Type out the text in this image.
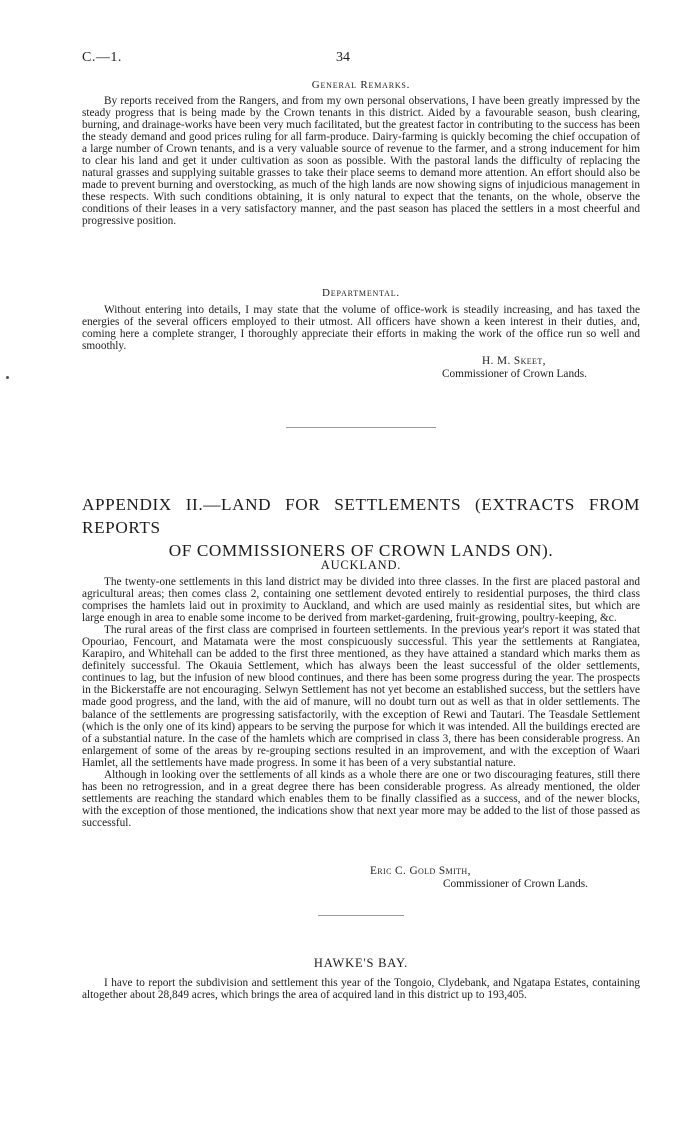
C.—1.	34
General Remarks.

By reports received from the Rangers, and from my own personal observations, I have been greatly impressed by the steady progress that is being made by the Crown tenants in this district. Aided by a favourable season, bush clearing, burning, and drainage-works have been very much facilitated, but the greatest factor in contributing to the success has been the steady demand and good prices ruling for all farm-produce. Dairy-farming is quickly becoming the chief occupation of a large number of Crown tenants, and is a very valuable source of revenue to the farmer, and a strong inducement for him to clear his land and get it under cultivation as soon as possible. With the pastoral lands the difficulty of replacing the natural grasses and supplying suitable grasses to take their place seems to demand more attention. An effort should also be made to prevent burning and overstocking, as much of the high lands are now showing signs of injudicious management in these respects. With such conditions obtaining, it is only natural to expect that the tenants, on the whole, observe the conditions of their leases in a very satisfactory manner, and the past season has placed the settlers in a most cheerful and progressive position.

Departmental.

Without entering into details, I may state that the volume of office-work is steadily increasing, and has taxed the energies of the several officers employed to their utmost. All officers have shown a keen interest in their duties, and, coming here a complete stranger, I thoroughly appreciate their efforts in making the work of the office run so well and smoothly.

H. M. Skeet,
Commissioner of Crown Lands.
APPENDIX II.—LAND FOR SETTLEMENTS (EXTRACTS FROM REPORTS
OF COMMISSIONERS OF CROWN LANDS ON).
AUCKLAND.

The twenty-one settlements in this land district may be divided into three classes. In the first are placed pastoral and agricultural areas; then comes class 2, containing one settlement devoted entirely to residential purposes, the third class comprises the hamlets laid out in proximity to Auckland, and which are used mainly as residential sites, but which are large enough in area to enable some income to be derived from market-gardening, fruit-growing, poultry-keeping, &c.

The rural areas of the first class are comprised in fourteen settlements. In the previous year's report it was stated that Opouriao, Fencourt, and Matamata were the most conspicuously successful. This year the settlements at Rangiatea, Karapiro, and Whitehall can be added to the first three mentioned, as they have attained a standard which marks them as definitely successful. The Okauia Settlement, which has always been the least successful of the older settlements, continues to lag, but the infusion of new blood continues, and there has been some progress during the year. The prospects in the Bickerstaffe are not encouraging. Selwyn Settlement has not yet become an established success, but the settlers have made good progress, and the land, with the aid of manure, will no doubt turn out as well as that in older settlements. The balance of the settlements are progressing satisfactorily, with the exception of Rewi and Tautari. The Teasdale Settlement (which is the only one of its kind) appears to be serving the purpose for which it was intended. All the buildings erected are of a substantial nature. In the case of the hamlets which are comprised in class 3, there has been considerable progress. An enlargement of some of the areas by re-grouping sections resulted in an improvement, and with the exception of Waari Hamlet, all the settlements have made progress. In some it has been of a very substantial nature.

Although in looking over the settlements of all kinds as a whole there are one or two discouraging features, still there has been no retrogression, and in a great degree there has been considerable progress. As already mentioned, the older settlements are reaching the standard which enables them to be finally classified as a success, and of the newer blocks, with the exception of those mentioned, the indications show that next year more may be added to the list of those passed as successful.

Eric C. Gold Smith,
Commissioner of Crown Lands.
HAWKE'S BAY.

I have to report the subdivision and settlement this year of the Tongoio, Clydebank, and Ngatapa Estates, containing altogether about 28,849 acres, which brings the area of acquired land in this district up to 193,405.
